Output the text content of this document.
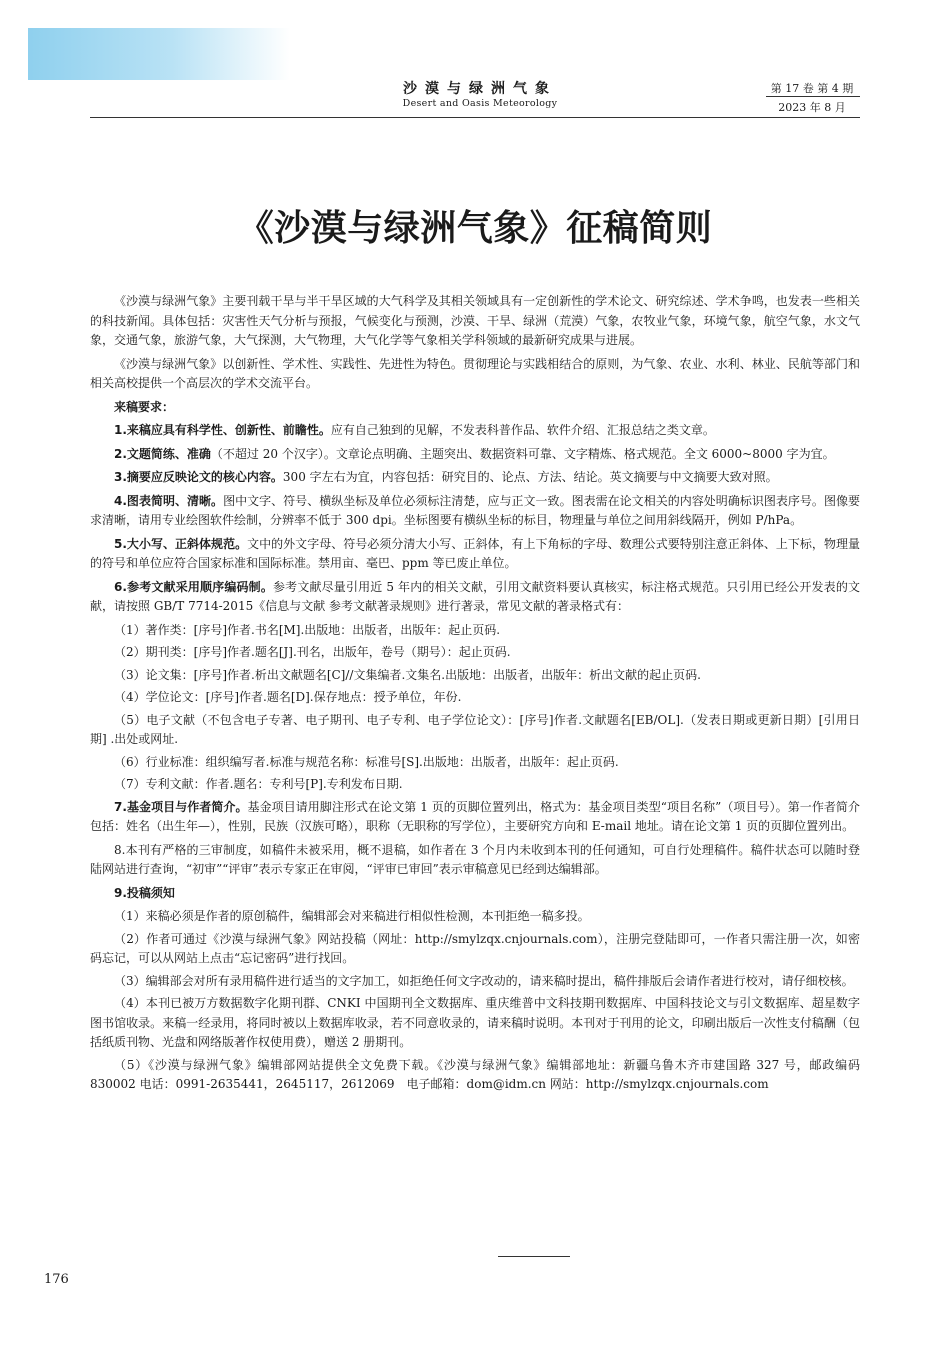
沙漠与绿洲气象
Desert and Oasis Meteorology
第 17 卷 第 4 期
2023 年 8 月
《沙漠与绿洲气象》征稿简则

《沙漠与绿洲气象》主要刊载干旱与半干旱区域的大气科学及其相关领域具有一定创新性的学术论文、研究综述、学术争鸣，也发表一些相关的科技新闻。具体包括：灾害性天气分析与预报，气候变化与预测，沙漠、干旱、绿洲（荒漠）气象，农牧业气象，环境气象，航空气象，水文气象，交通气象，旅游气象，大气探测，大气物理，大气化学等气象相关学科领域的最新研究成果与进展。

《沙漠与绿洲气象》以创新性、学术性、实践性、先进性为特色。贯彻理论与实践相结合的原则，为气象、农业、水利、林业、民航等部门和相关高校提供一个高层次的学术交流平台。

来稿要求：

1.来稿应具有科学性、创新性、前瞻性。应有自己独到的见解，不发表科普作品、软件介绍、汇报总结之类文章。

2.文题简练、准确（不超过 20 个汉字）。文章论点明确、主题突出、数据资料可靠、文字精炼、格式规范。全文 6000~8000 字为宜。

3.摘要应反映论文的核心内容。300 字左右为宜，内容包括：研究目的、论点、方法、结论。英文摘要与中文摘要大致对照。

4.图表简明、清晰。图中文字、符号、横纵坐标及单位必须标注清楚，应与正文一致。图表需在论文相关的内容处明确标识图表序号。图像要求清晰，请用专业绘图软件绘制，分辨率不低于 300 dpi。坐标图要有横纵坐标的标目，物理量与单位之间用斜线隔开，例如 P/hPa。

5.大小写、正斜体规范。文中的外文字母、符号必须分清大小写、正斜体，有上下角标的字母、数理公式要特别注意正斜体、上下标，物理量的符号和单位应符合国家标准和国际标准。禁用亩、毫巴、ppm 等已废止单位。

6.参考文献采用顺序编码制。参考文献尽量引用近 5 年内的相关文献，引用文献资料要认真核实，标注格式规范。只引用已经公开发表的文献，请按照 GB/T 7714-2015《信息与文献 参考文献著录规则》进行著录，常见文献的著录格式有：

（1）著作类：[序号]作者.书名[M].出版地：出版者，出版年：起止页码.

（2）期刊类：[序号]作者.题名[J].刊名，出版年，卷号（期号）：起止页码.

（3）论文集：[序号]作者.析出文献题名[C]//文集编者.文集名.出版地：出版者，出版年：析出文献的起止页码.

（4）学位论文：[序号]作者.题名[D].保存地点：授予单位，年份.

（5）电子文献（不包含电子专著、电子期刊、电子专利、电子学位论文）：[序号]作者.文献题名[EB/OL].（发表日期或更新日期）[引用日期] .出处或网址.

（6）行业标准：组织编写者.标准与规范名称：标准号[S].出版地：出版者，出版年：起止页码.

（7）专利文献：作者.题名：专利号[P].专利发布日期.

7.基金项目与作者简介。基金项目请用脚注形式在论文第 1 页的页脚位置列出，格式为：基金项目类型“项目名称”（项目号）。第一作者简介包括：姓名（出生年—），性别，民族（汉族可略），职称（无职称的写学位），主要研究方向和 E-mail 地址。请在论文第 1 页的页脚位置列出。

8.本刊有严格的三审制度，如稿件未被采用，概不退稿，如作者在 3 个月内未收到本刊的任何通知，可自行处理稿件。稿件状态可以随时登陆网站进行查询，“初审”“评审”表示专家正在审阅，“评审已审回”表示审稿意见已经到达编辑部。

9.投稿须知

（1）来稿必须是作者的原创稿件，编辑部会对来稿进行相似性检测，本刊拒绝一稿多投。

（2）作者可通过《沙漠与绿洲气象》网站投稿（网址：http://smylzqx.cnjournals.com），注册完登陆即可，一作者只需注册一次，如密码忘记，可以从网站上点击“忘记密码”进行找回。

（3）编辑部会对所有录用稿件进行适当的文字加工，如拒绝任何文字改动的，请来稿时提出，稿件排版后会请作者进行校对，请仔细校核。

（4）本刊已被万方数据数字化期刊群、CNKI 中国期刊全文数据库、重庆维普中文科技期刊数据库、中国科技论文与引文数据库、超星数字图书馆收录。来稿一经录用，将同时被以上数据库收录，若不同意收录的，请来稿时说明。本刊对于刊用的论文，印刷出版后一次性支付稿酬（包括纸质刊物、光盘和网络版著作权使用费），赠送 2 册期刊。

（5）《沙漠与绿洲气象》编辑部网站提供全文免费下载。《沙漠与绿洲气象》编辑部地址：新疆乌鲁木齐市建国路 327 号，邮政编码 830002 电话：0991-2635441，2645117，2612069　电子邮箱：dom@idm.cn 网站：http://smylzqx.cnjournals.com

176
